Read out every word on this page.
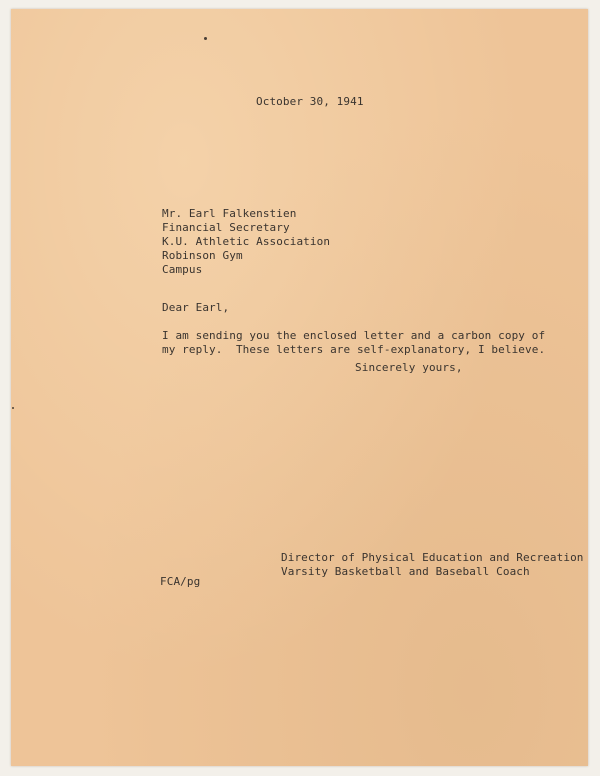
October 30, 1941
Mr. Earl Falkenstien
Financial Secretary
K.U. Athletic Association
Robinson Gym
Campus
Dear Earl,
I am sending you the enclosed letter and a carbon copy of
my reply.  These letters are self-explanatory, I believe.
Sincerely yours,
FCA/pg
Director of Physical Education and Recreation
Varsity Basketball and Baseball Coach
